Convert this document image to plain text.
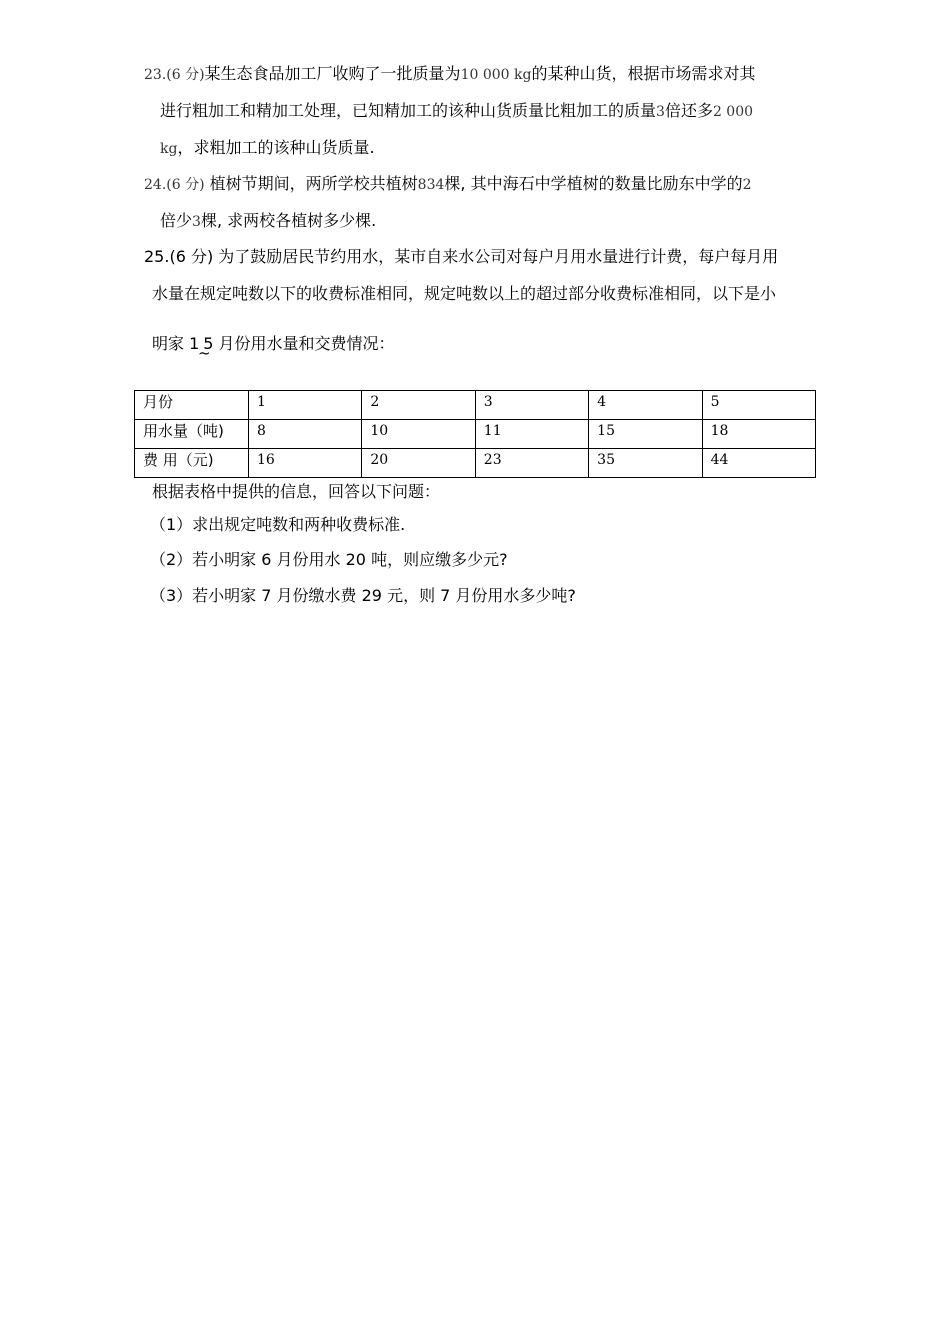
23.(6 分)某生态食品加工厂收购了一批质量为10 000 kg的某种山货，根据市场需求对其
进行粗加工和精加工处理，已知精加工的该种山货质量比粗加工的质量3倍还多2 000
kg，求粗加工的该种山货质量.
24.(6 分) 植树节期间，两所学校共植树834棵, 其中海石中学植树的数量比励东中学的2
倍少3棵, 求两校各植树多少棵.
25.(6 分) 为了鼓励居民节约用水，某市自来水公司对每户月用水量进行计费，每户每月用
水量在规定吨数以下的收费标准相同，规定吨数以上的超过部分收费标准相同，以下是小
明家 1 5 月份用水量和交费情况：
~
月份	1	2	3	4	5
用水量（吨)	8	10	11	15	18
费 用（元)	16	20	23	35	44
根据表格中提供的信息，回答以下问题：
（1）求出规定吨数和两种收费标准.
（2）若小明家 6 月份用水 20 吨，则应缴多少元?
（3）若小明家 7 月份缴水费 29 元，则 7 月份用水多少吨?
